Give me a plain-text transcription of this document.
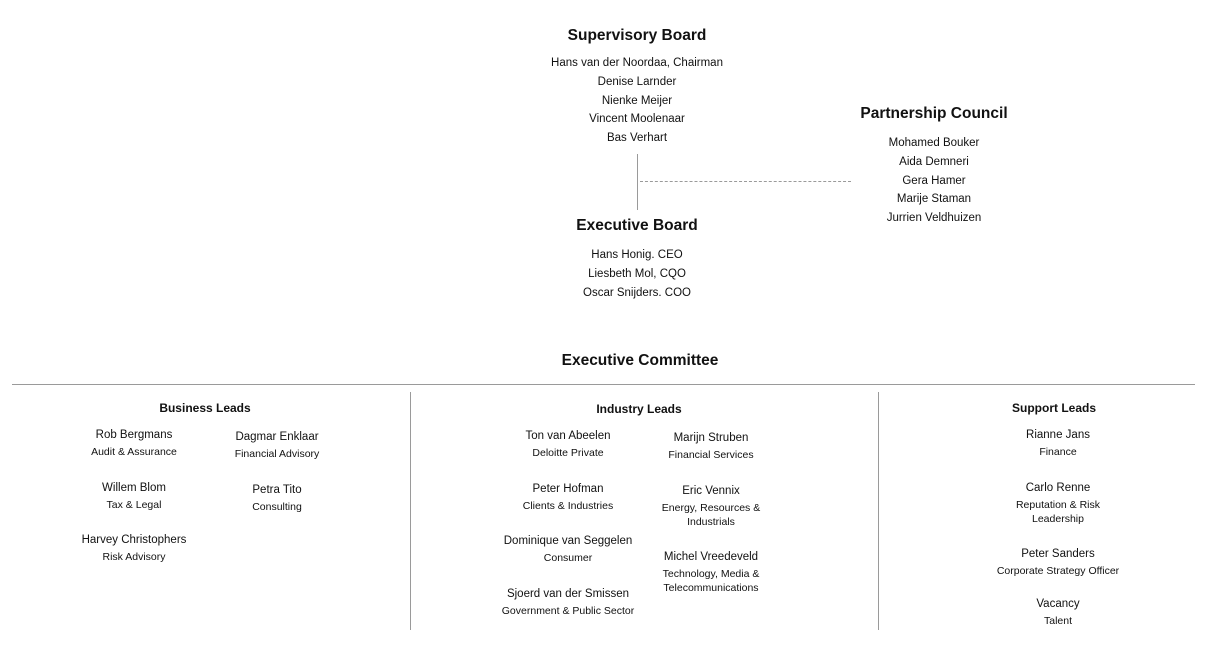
Supervisory Board
Hans van der Noordaa, Chairman
Denise Larnder
Nienke Meijer
Vincent Moolenaar
Bas Verhart
Partnership Council
Mohamed Bouker
Aida Demneri
Gera Hamer
Marije Staman
Jurrien Veldhuizen
Executive Board
Hans Honig. CEO
Liesbeth Mol, CQO
Oscar Snijders. COO
Executive Committee
Business Leads
Rob Bergmans
Audit & Assurance
Dagmar Enklaar
Financial Advisory
Willem Blom
Tax & Legal
Petra Tito
Consulting
Harvey Christophers
Risk Advisory
Industry Leads
Ton van Abeelen
Deloitte Private
Marijn Struben
Financial Services
Peter Hofman
Clients & Industries
Eric Vennix
Energy, Resources &
Industrials
Dominique van Seggelen
Consumer	Michel Vreedeveld
Technology, Media &
Telecommunications
Sjoerd van der Smissen
Government & Public Sector
Support Leads
Rianne Jans
Finance
Carlo Renne
Reputation & Risk
Leadership
Peter Sanders
Corporate Strategy Officer
Vacancy
Talent
